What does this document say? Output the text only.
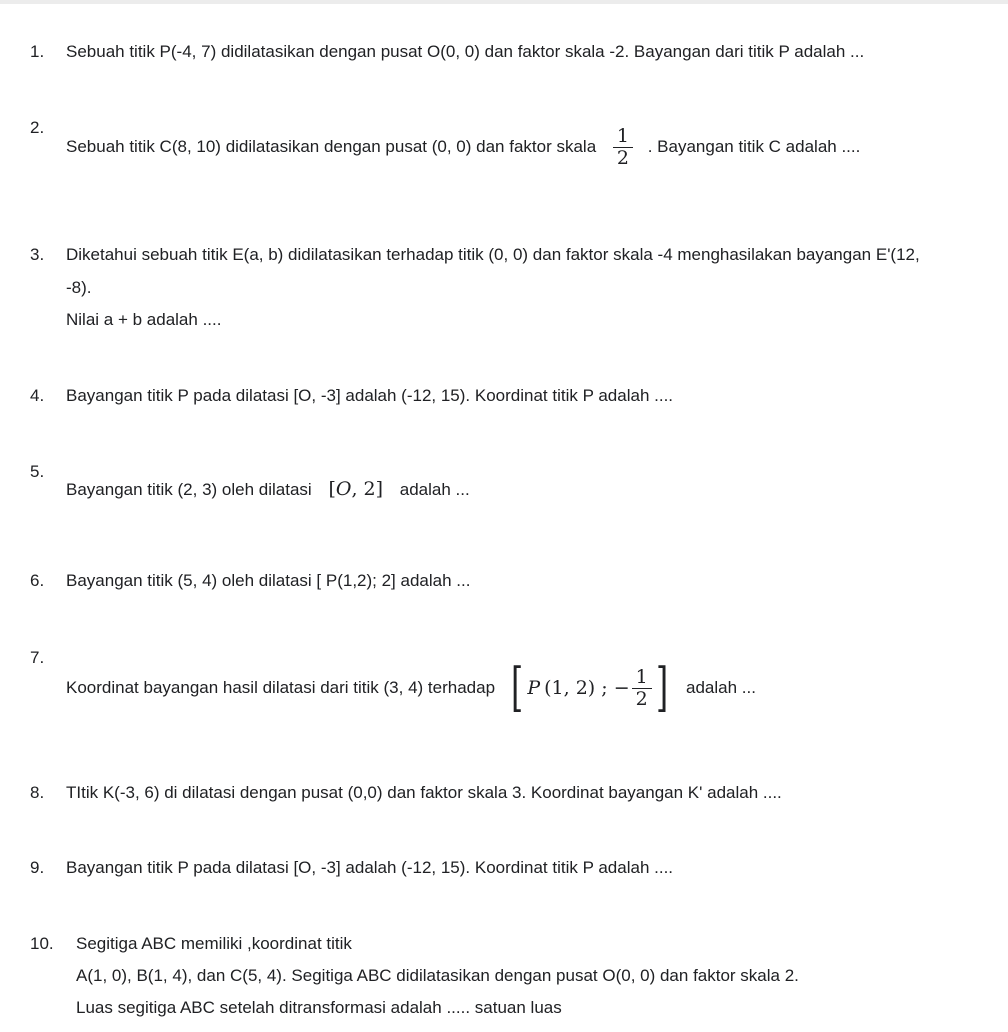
1. Sebuah titik P(-4, 7) didilatasikan dengan pusat O(0, 0) dan faktor skala -2. Bayangan dari titik P adalah ...
2.
Sebuah titik C(8, 10) didilatasikan dengan pusat (0, 0) dan faktor skala $\frac{1}{2}$ . Bayangan titik C adalah ....
3. Diketahui sebuah titik E(a, b) didilatasikan terhadap titik (0, 0) dan faktor skala -4 menghasilakan bayangan E'(12,
-8).
Nilai a + b adalah ....
4. Bayangan titik P pada dilatasi [O, -3] adalah (-12, 15). Koordinat titik P adalah ....
5.
Bayangan titik (2, 3) oleh dilatasi [O, 2] adalah ...
6. Bayangan titik (5, 4) oleh dilatasi [ P(1,2); 2] adalah ...
7.
Koordinat bayangan hasil dilatasi dari titik (3, 4) terhadap [ P (1, 2) ; − $\frac{1}{2}$ ] adalah ...
8. TItik K(-3, 6) di dilatasi dengan pusat (0,0) dan faktor skala 3. Koordinat bayangan K' adalah ....
9. Bayangan titik P pada dilatasi [O, -3] adalah (-12, 15). Koordinat titik P adalah ....
10. Segitiga ABC memiliki ,koordinat titik
A(1, 0), B(1, 4), dan C(5, 4). Segitiga ABC didilatasikan dengan pusat O(0, 0) dan faktor skala 2.
Luas segitiga ABC setelah ditransformasi adalah ..... satuan luas
